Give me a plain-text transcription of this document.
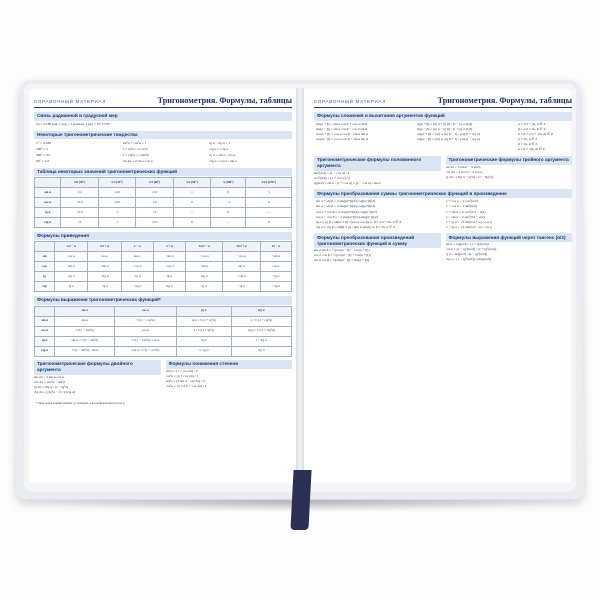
СПРАВОЧНЫЙ МАТЕРИАЛ	Тригонометрия. Формулы, таблицы
Связь радианной и градусной мер
πр = π/180 рад; 1 рад = 1 радиан; 1 рад ≈ 57°17'45"
Некоторые тригонометрические тождества
1° = π/180	sin²α + cos²α = 1	tg α · ctg α = 1
180° = π	1 + tg²α = 1/cos²α	ctg α = 1/tg α
360° = 2π	1 + ctg²α = 1/sin²α	tg α = sin α / cos α
90° = π/2	sin 2α = 2 sin α cos α	ctg α = cos α / sin α
Таблица некоторых значений тригонометрических функций
	π/6 (30°)	π/4 (45°)	π/3 (60°)	π/2 (90°)	π (180°)	3π/2 (270°)
sin α	1/2	√2/2	√3/2	1	0	−1
cos α	√3/2	√2/2	1/2	0	−1	0
tg α	√3/3	1	√3	—	0	—
ctg α	√3	1	√3/3	0	—	0
Формулы приведения
	π/2 − α	π/2 + α	π − α	π + α	3π/2 − α	3π/2 + α	2π − α
sin	cos α	cos α	sin α	−sin α	−cos α	−cos α	−sin α
cos	sin α	−sin α	−cos α	−cos α	−sin α	sin α	cos α
tg	ctg α	−ctg α	−tg α	tg α	ctg α	−ctg α	−tg α
ctg	tg α	−tg α	−ctg α	ctg α	tg α	−tg α	−ctg α
Формулы выражения тригонометрических функций*
	sin α	cos α	tg α	ctg α
sin α	sin α	±√(1 − cos²α)	tg α / ±√(1 + tg²α)	1 / ±√(1 + ctg²α)
cos α	±√(1 − sin²α)	cos α	1 / ±√(1 + tg²α)	ctg α / ±√(1 + ctg²α)
tg α	sin α / ±√(1 − sin²α)	±√(1 − cos²α) / cos α	tg α	1 / ctg α
ctg α	±√(1 − sin²α) / sin α	cos α / ±√(1 − cos²α)	1 / tg α	ctg α
Тригонометрические формулы двойного аргумента
sin 2α = 2 sin α cos α
cos 2α = cos²α − sin²α
tg 2α = 2tg α / (1 − tg²α)
ctg 2α = (ctg²α − 1) / (2ctg α)
Формулы понижения степени
sin²α = (1 − cos 2α) / 2
cos²α = (1 + cos 2α) / 2
sin³α = (3 sin α − sin 3α) / 4
cos³α = (3 cos α + cos 3α) / 4
* Знак перед корнем зависит от четверти, в которой находится угол α.
СПРАВОЧНЫЙ МАТЕРИАЛ	Тригонометрия. Формулы, таблицы
Формулы сложения и вычитания аргументов функций
sin(α + β) = sin α cos β + cos α sin β
sin(α − β) = sin α cos β − cos α sin β
cos(α + β) = cos α cos β − sin α sin β
cos(α − β) = cos α cos β + sin α sin β
tg(α + β) = (tg α + tg β) / (1 − tg α tg β)
tg(α − β) = (tg α − tg β) / (1 + tg α tg β)
ctg(α + β) = (ctg α ctg β − 1) / (ctg β + ctg α)
ctg(α − β) = (ctg α ctg β + 1) / (ctg β − ctg α)
α ≠ π/2 + πn, n ∈ Z
β ≠ π/2 + πk, k ∈ Z
α ± β ≠ π/2 + πm, m ∈ Z
α ≠ πn, n ∈ Z
β ≠ πk, k ∈ Z
α ± β ≠ πm, m ∈ Z
Тригонометрические формулы половинного аргумента
sin²(α/2) = (1 − cos α) / 2
cos²(α/2) = (1 + cos α) / 2
tg(α/2) = sin α / (1 + cos α) = (1 − cos α) / sin α
Тригонометрические формулы тройного аргумента
sin 3α = 3 sin α − 4 sin³α
cos 3α = 4 cos³α − 3 cos α
tg 3α = (3tg α − tg³α) / (1 − 3tg²α)
Формулы преобразования суммы тригонометрических функций в произведение
sin α + sin β = 2 sin((α+β)/2) cos((α−β)/2)
sin α − sin β = 2 sin((α−β)/2) cos((α+β)/2)
cos α + cos β = 2 cos((α+β)/2) cos((α−β)/2)
cos α − cos β = −2 sin((α+β)/2) sin((α−β)/2)
tg α ± tg β = sin(α ± β) / (cos α cos β), α, β ≠ π/2 + πn, n ∈ Z
ctg α ± ctg β = sin(β ± α) / (sin α sin β), α, β ≠ πn, n ∈ Z
1 + cos α = 2 cos²(α/2)
1 − cos α = 2 sin²(α/2)
1 + sin α = 2 cos²(π/4 − α/2)
1 − sin α = 2 sin²(π/4 − α/2)
1 + tg α = √2 sin(π/4 + α) / cos α
1 − tg α = √2 sin(π/4 − α) / cos α
Формулы преобразования произведений тригонометрических функций в сумму
sin α sin β = ½[cos(α − β) − cos(α + β)]
cos α cos β = ½[cos(α − β) + cos(α + β)]
sin α cos β = ½[sin(α − β) + sin(α + β)]
Формулы выражения функций через тангенс (α/2)
sin α = 2tg(α/2) / (1 + tg²(α/2))
cos α = (1 − tg²(α/2)) / (1 + tg²(α/2))
tg α = 2tg(α/2) / (1 − tg²(α/2))
ctg α = (1 − tg²(α/2)) / (2tg(α/2))
